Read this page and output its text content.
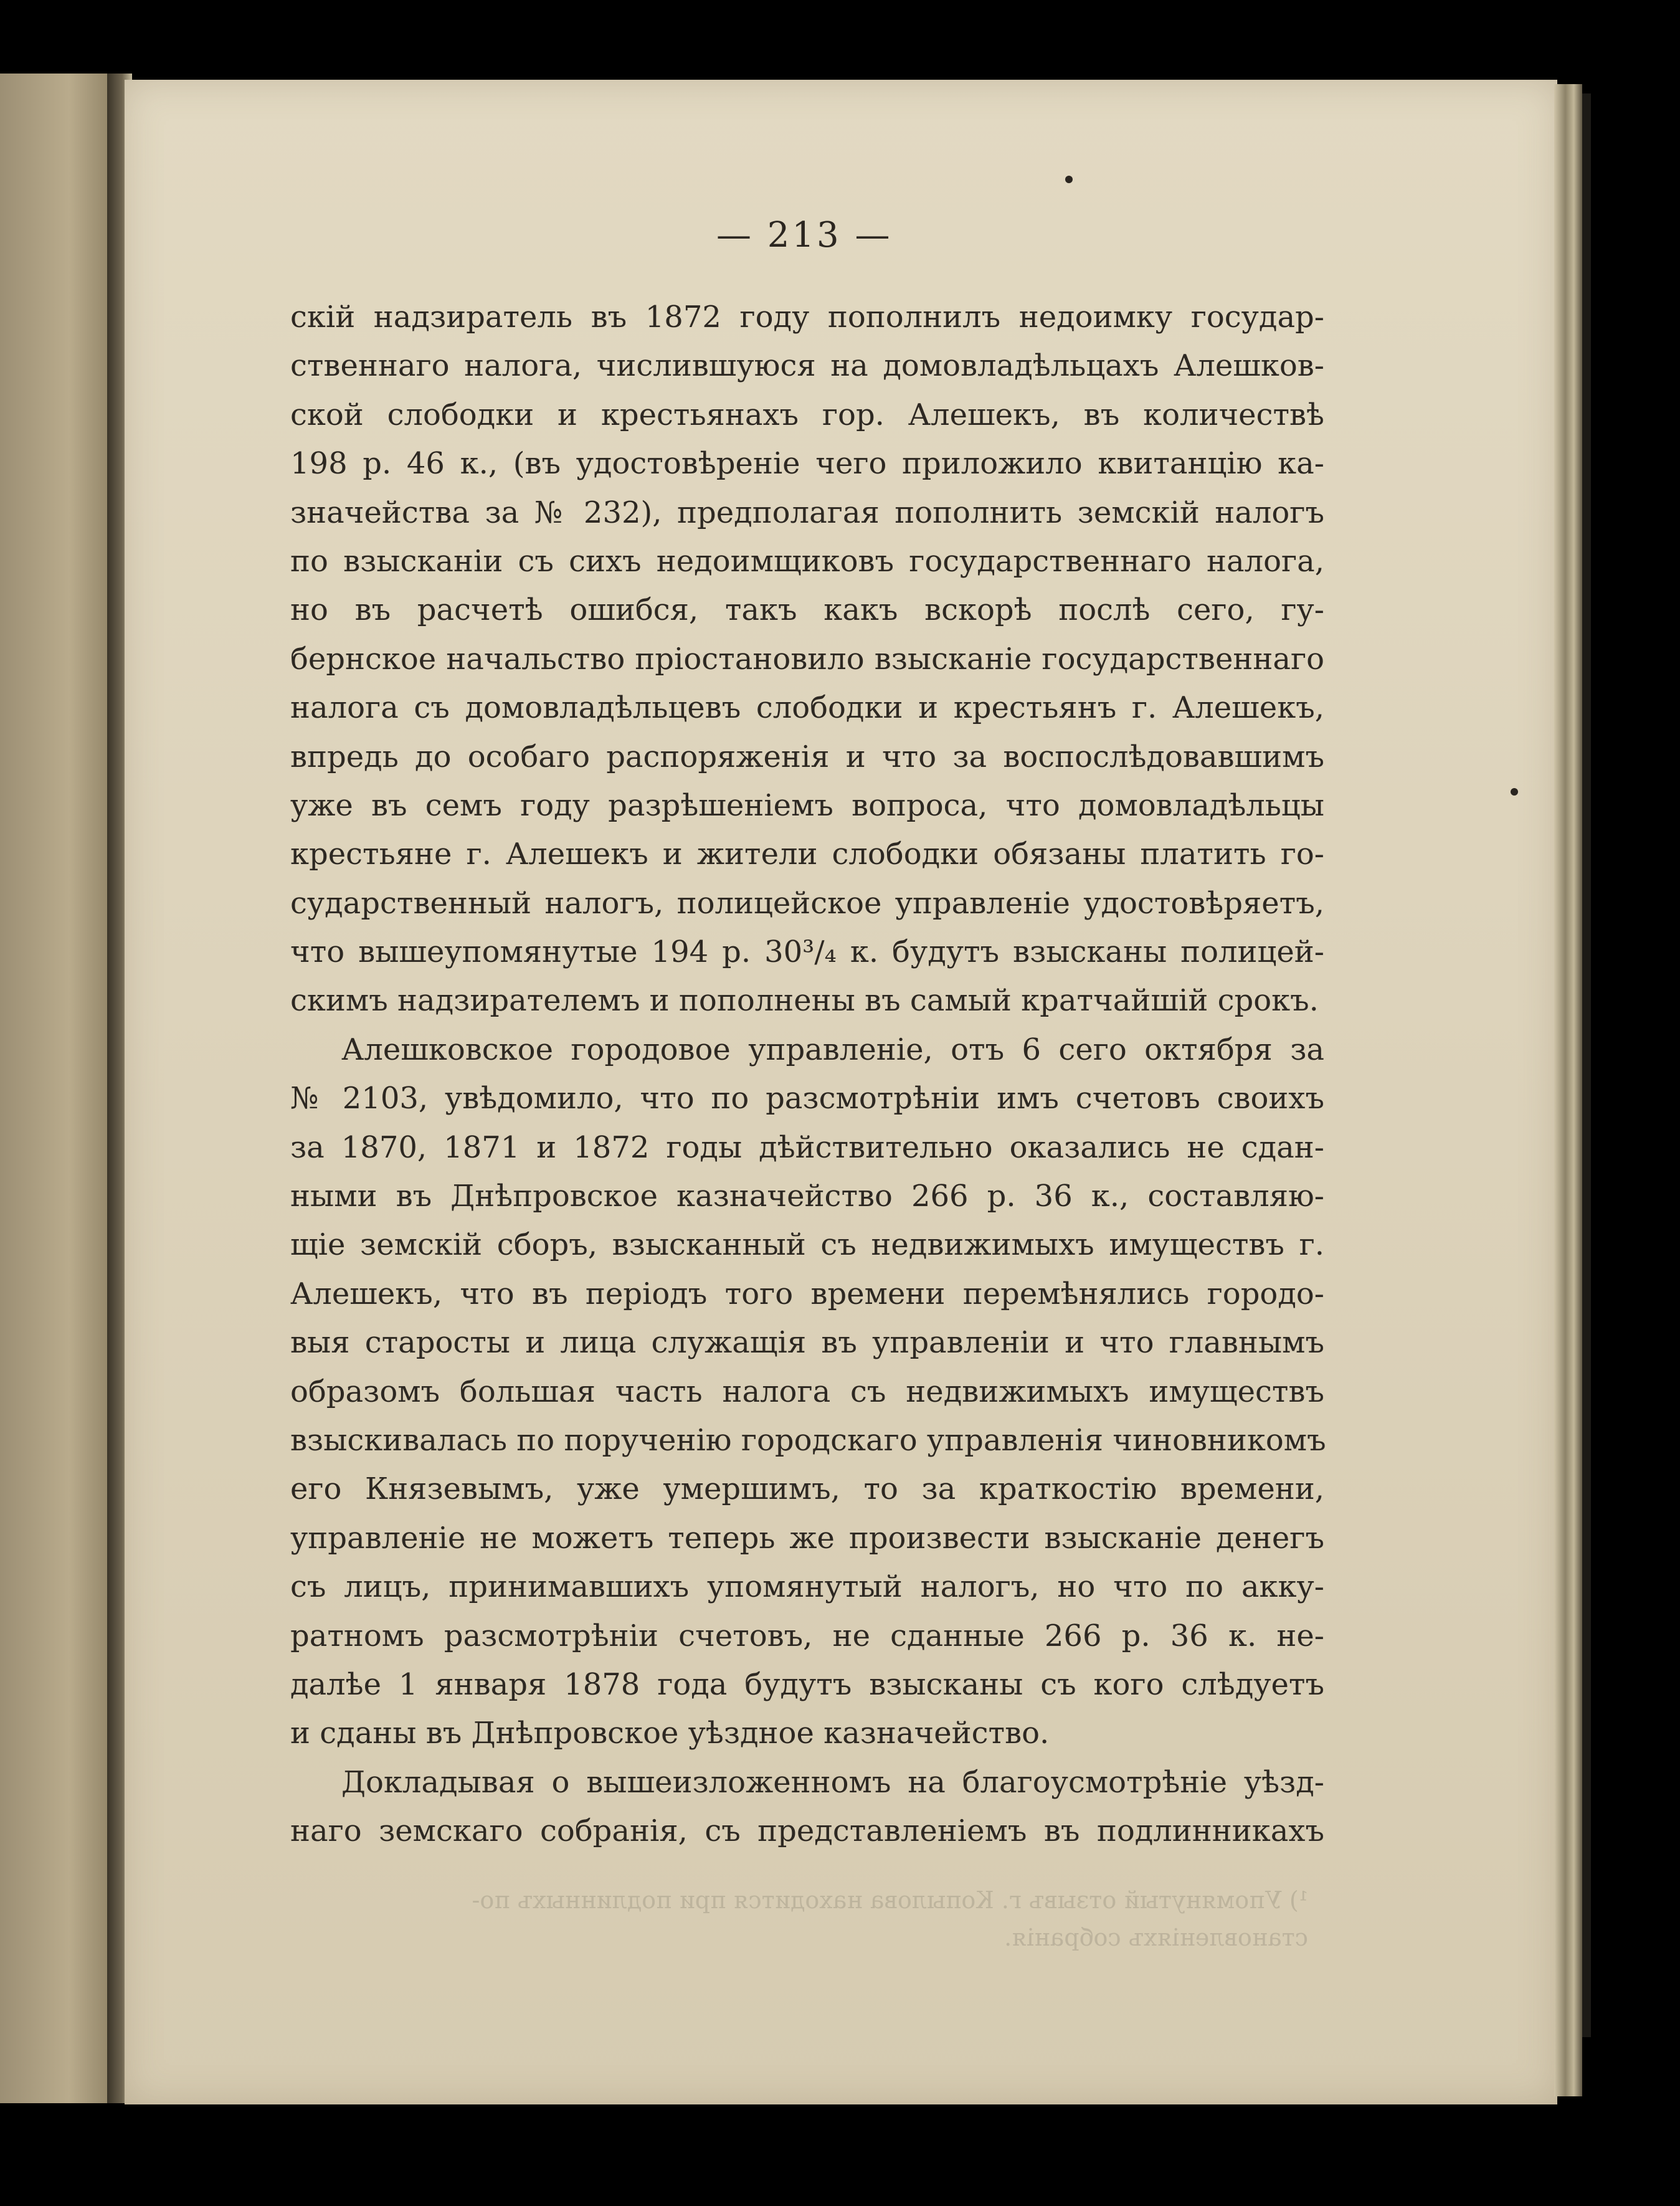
— 213 —
скій надзиратель въ 1872 году пополнилъ недоимку государ-
ственнаго налога, числившуюся на домовладѣльцахъ Алешков-
ской слободки и крестьянахъ гор. Алешекъ, въ количествѣ
198 р. 46 к., (въ удостовѣреніе чего приложило квитанцію ка-
значейства за № 232), предполагая пополнить земскій налогъ
по взысканіи съ сихъ недоимщиковъ государственнаго налога,
но въ расчетѣ ошибся, такъ какъ вскорѣ послѣ сего, гу-
бернское начальство пріостановило взысканіе государственнаго
налога съ домовладѣльцевъ слободки и крестьянъ г. Алешекъ,
впредь до особаго распоряженія и что за воспослѣдовавшимъ
уже въ семъ году разрѣшеніемъ вопроса, что домовладѣльцы
крестьяне г. Алешекъ и жители слободки обязаны платить го-
сударственный налогъ, полицейское управленіе удостовѣряетъ,
что вышеупомянутые 194 р. 30³/₄ к. будутъ взысканы полицей-
скимъ надзирателемъ и пополнены въ самый кратчайшій срокъ.
Алешковское городовое управленіе, отъ 6 сего октября за
№ 2103, увѣдомило, что по разсмотрѣніи имъ счетовъ своихъ
за 1870, 1871 и 1872 годы дѣйствительно оказались не сдан-
ными въ Днѣпровское казначейство 266 р. 36 к., составляю-
щіе земскій сборъ, взысканный съ недвижимыхъ имуществъ г.
Алешекъ, что въ періодъ того времени перемѣнялись городо-
выя старосты и лица служащія въ управленіи и что главнымъ
образомъ большая часть налога съ недвижимыхъ имуществъ
взыскивалась по порученію городскаго управленія чиновникомъ
его Князевымъ, уже умершимъ, то за краткостію времени,
управленіе не можетъ теперь же произвести взысканіе денегъ
съ лицъ, принимавшихъ упомянутый налогъ, но что по акку-
ратномъ разсмотрѣніи счетовъ, не сданные 266 р. 36 к. не-
далѣе 1 января 1878 года будутъ взысканы съ кого слѣдуетъ
и сданы въ Днѣпровское уѣздное казначейство.
Докладывая о вышеизложенномъ на благоусмотрѣніе уѣзд-
наго земскаго собранія, съ представленіемъ въ подлинникахъ
¹) Упомянутый отзывъ г. Копылова находится при подлинныхъ по-
становленіяхъ собранія.
